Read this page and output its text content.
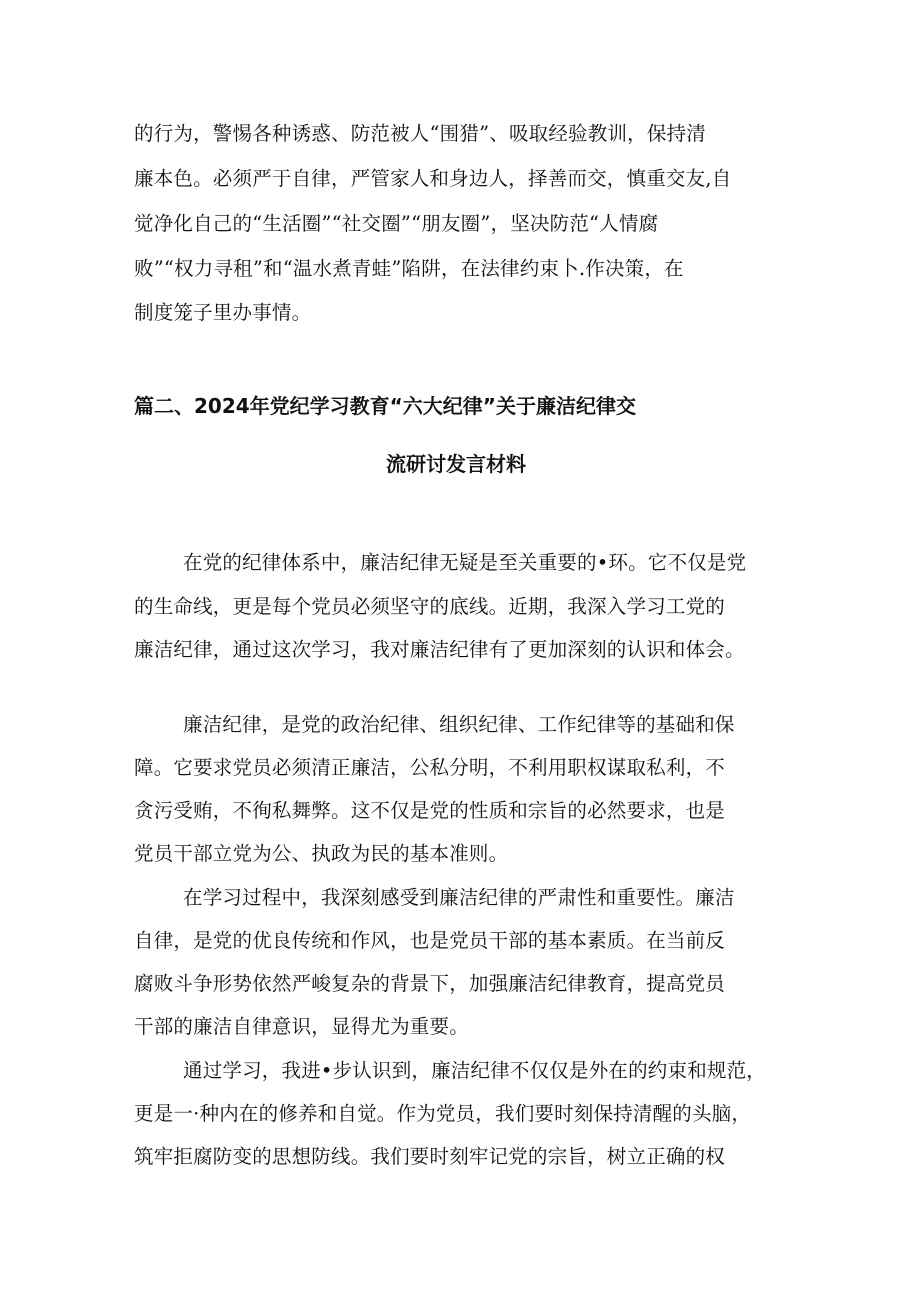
的行为，警惕各种诱惑、防范被人“围猎”、吸取经验教训，保持清
廉本色。必须严于自律，严管家人和身边人，择善而交，慎重交友,自
觉净化自己的“生活圈”“社交圈”“朋友圈”，坚决防范“人情腐
败”“权力寻租”和“温水煮青蛙”陷阱，在法律约束卜.作决策，在
制度笼子里办事情。
篇二、2024年党纪学习教育“六大纪律”关于廉洁纪律交
流研讨发言材料
在党的纪律体系中，廉洁纪律无疑是至关重要的•环。它不仅是党
的生命线，更是每个党员必须坚守的底线。近期，我深入学习工党的
廉洁纪律，通过这次学习，我对廉洁纪律有了更加深刻的认识和体会。
廉洁纪律，是党的政治纪律、组织纪律、工作纪律等的基础和保
障。它要求党员必须清正廉洁，公私分明，不利用职权谋取私利，不
贪污受贿，不徇私舞弊。这不仅是党的性质和宗旨的必然要求，也是
党员干部立党为公、执政为民的基本准则。
在学习过程中，我深刻感受到廉洁纪律的严肃性和重要性。廉洁
自律，是党的优良传统和作风，也是党员干部的基本素质。在当前反
腐败斗争形势依然严峻复杂的背景下，加强廉洁纪律教育，提高党员
干部的廉洁自律意识，显得尤为重要。
通过学习，我进•步认识到，廉洁纪律不仅仅是外在的约束和规范，
更是一·种内在的修养和自觉。作为党员，我们要时刻保持清醒的头脑，
筑牢拒腐防变的思想防线。我们要时刻牢记党的宗旨，树立正确的权
